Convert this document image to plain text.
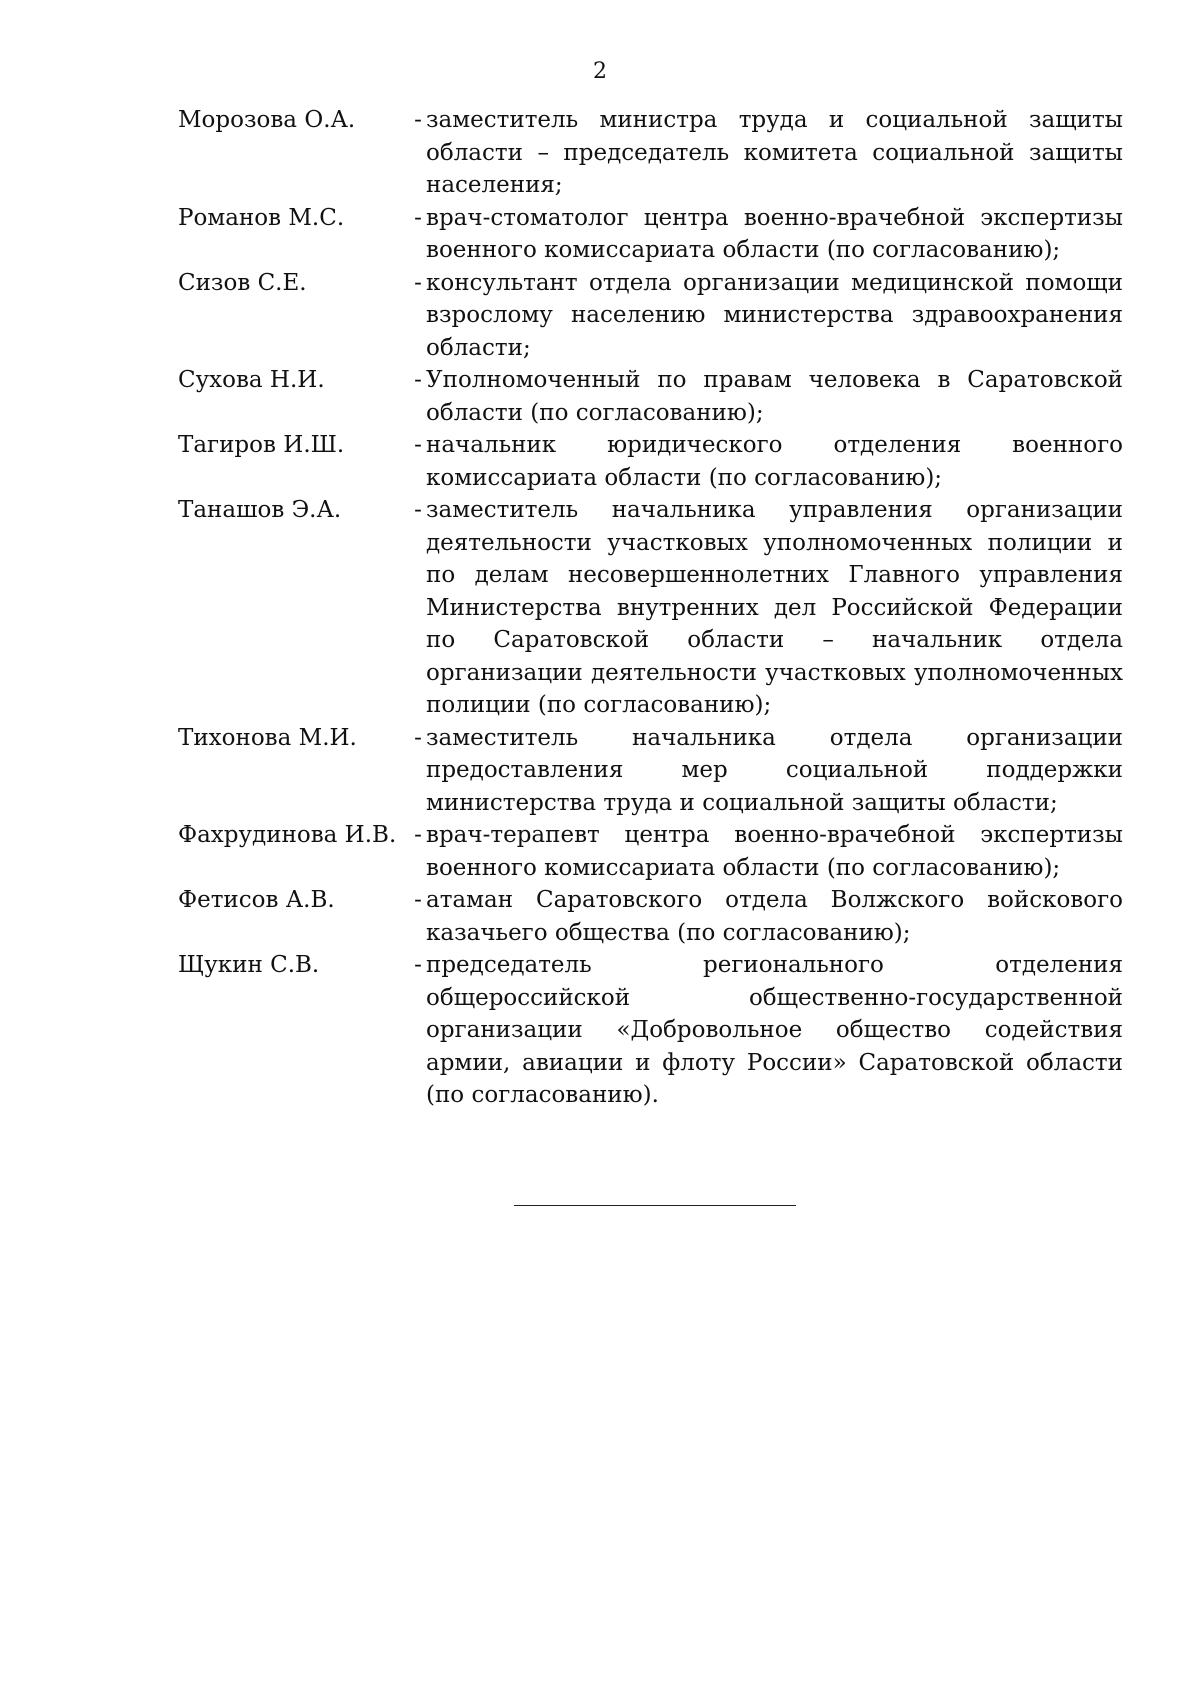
2
Морозова О.А.	- заместитель министра труда и социальной защиты области – председатель комитета социальной защиты населения;
Романов М.С.	- врач-стоматолог центра военно-врачебной экспертизы военного комиссариата области (по согласованию);
Сизов С.Е.	- консультант отдела организации медицинской помощи взрослому населению министерства здравоохранения области;
Сухова Н.И.	- Уполномоченный по правам человека в Саратовской области (по согласованию);
Тагиров И.Ш.	- начальник юридического отделения военного комиссариата области (по согласованию);
Танашов Э.А.	- заместитель начальника управления организации деятельности участковых уполномоченных полиции и по делам несовершеннолетних Главного управления Министерства внутренних дел Российской Федерации по Саратовской области – начальник отдела организации деятельности участковых уполномоченных полиции (по согласованию);
Тихонова М.И.	- заместитель начальника отдела организации предоставления мер социальной поддержки министерства труда и социальной защиты области;
Фахрудинова И.В. - врач-терапевт центра военно-врачебной экспертизы военного комиссариата области (по согласованию);
Фетисов А.В.	- атаман Саратовского отдела Волжского войскового казачьего общества (по согласованию);
Щукин С.В.	- председатель регионального отделения общероссийской общественно-государственной организации «Добровольное общество содействия армии, авиации и флоту России» Саратовской области (по согласованию).
